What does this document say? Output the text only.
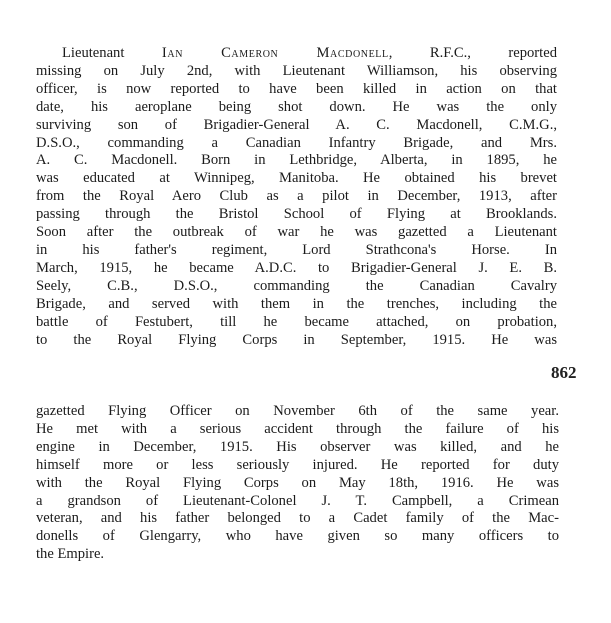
Lieutenant Ian Cameron Macdonell, R.F.C., reported
missing on July 2nd, with Lieutenant Williamson, his observing
officer, is now reported to have been killed in action on that
date, his aeroplane being shot down. He was the only
surviving son of Brigadier-General A. C. Macdonell, C.M.G.,
D.S.O., commanding a Canadian Infantry Brigade, and Mrs.
A. C. Macdonell. Born in Lethbridge, Alberta, in 1895, he
was educated at Winnipeg, Manitoba. He obtained his brevet
from the Royal Aero Club as a pilot in December, 1913, after
passing through the Bristol School of Flying at Brooklands.
Soon after the outbreak of war he was gazetted a Lieutenant
in his father's regiment, Lord Strathcona's Horse. In
March, 1915, he became A.D.C. to Brigadier-General J. E. B.
Seely, C.B., D.S.O., commanding the Canadian Cavalry
Brigade, and served with them in the trenches, including the
battle of Festubert, till he became attached, on probation,
to the Royal Flying Corps in September, 1915. He was
862
gazetted Flying Officer on November 6th of the same year.
He met with a serious accident through the failure of his
engine in December, 1915. His observer was killed, and he
himself more or less seriously injured. He reported for duty
with the Royal Flying Corps on May 18th, 1916. He was
a grandson of Lieutenant-Colonel J. T. Campbell, a Crimean
veteran, and his father belonged to a Cadet family of the Mac-
donells of Glengarry, who have given so many officers to
the Empire.
